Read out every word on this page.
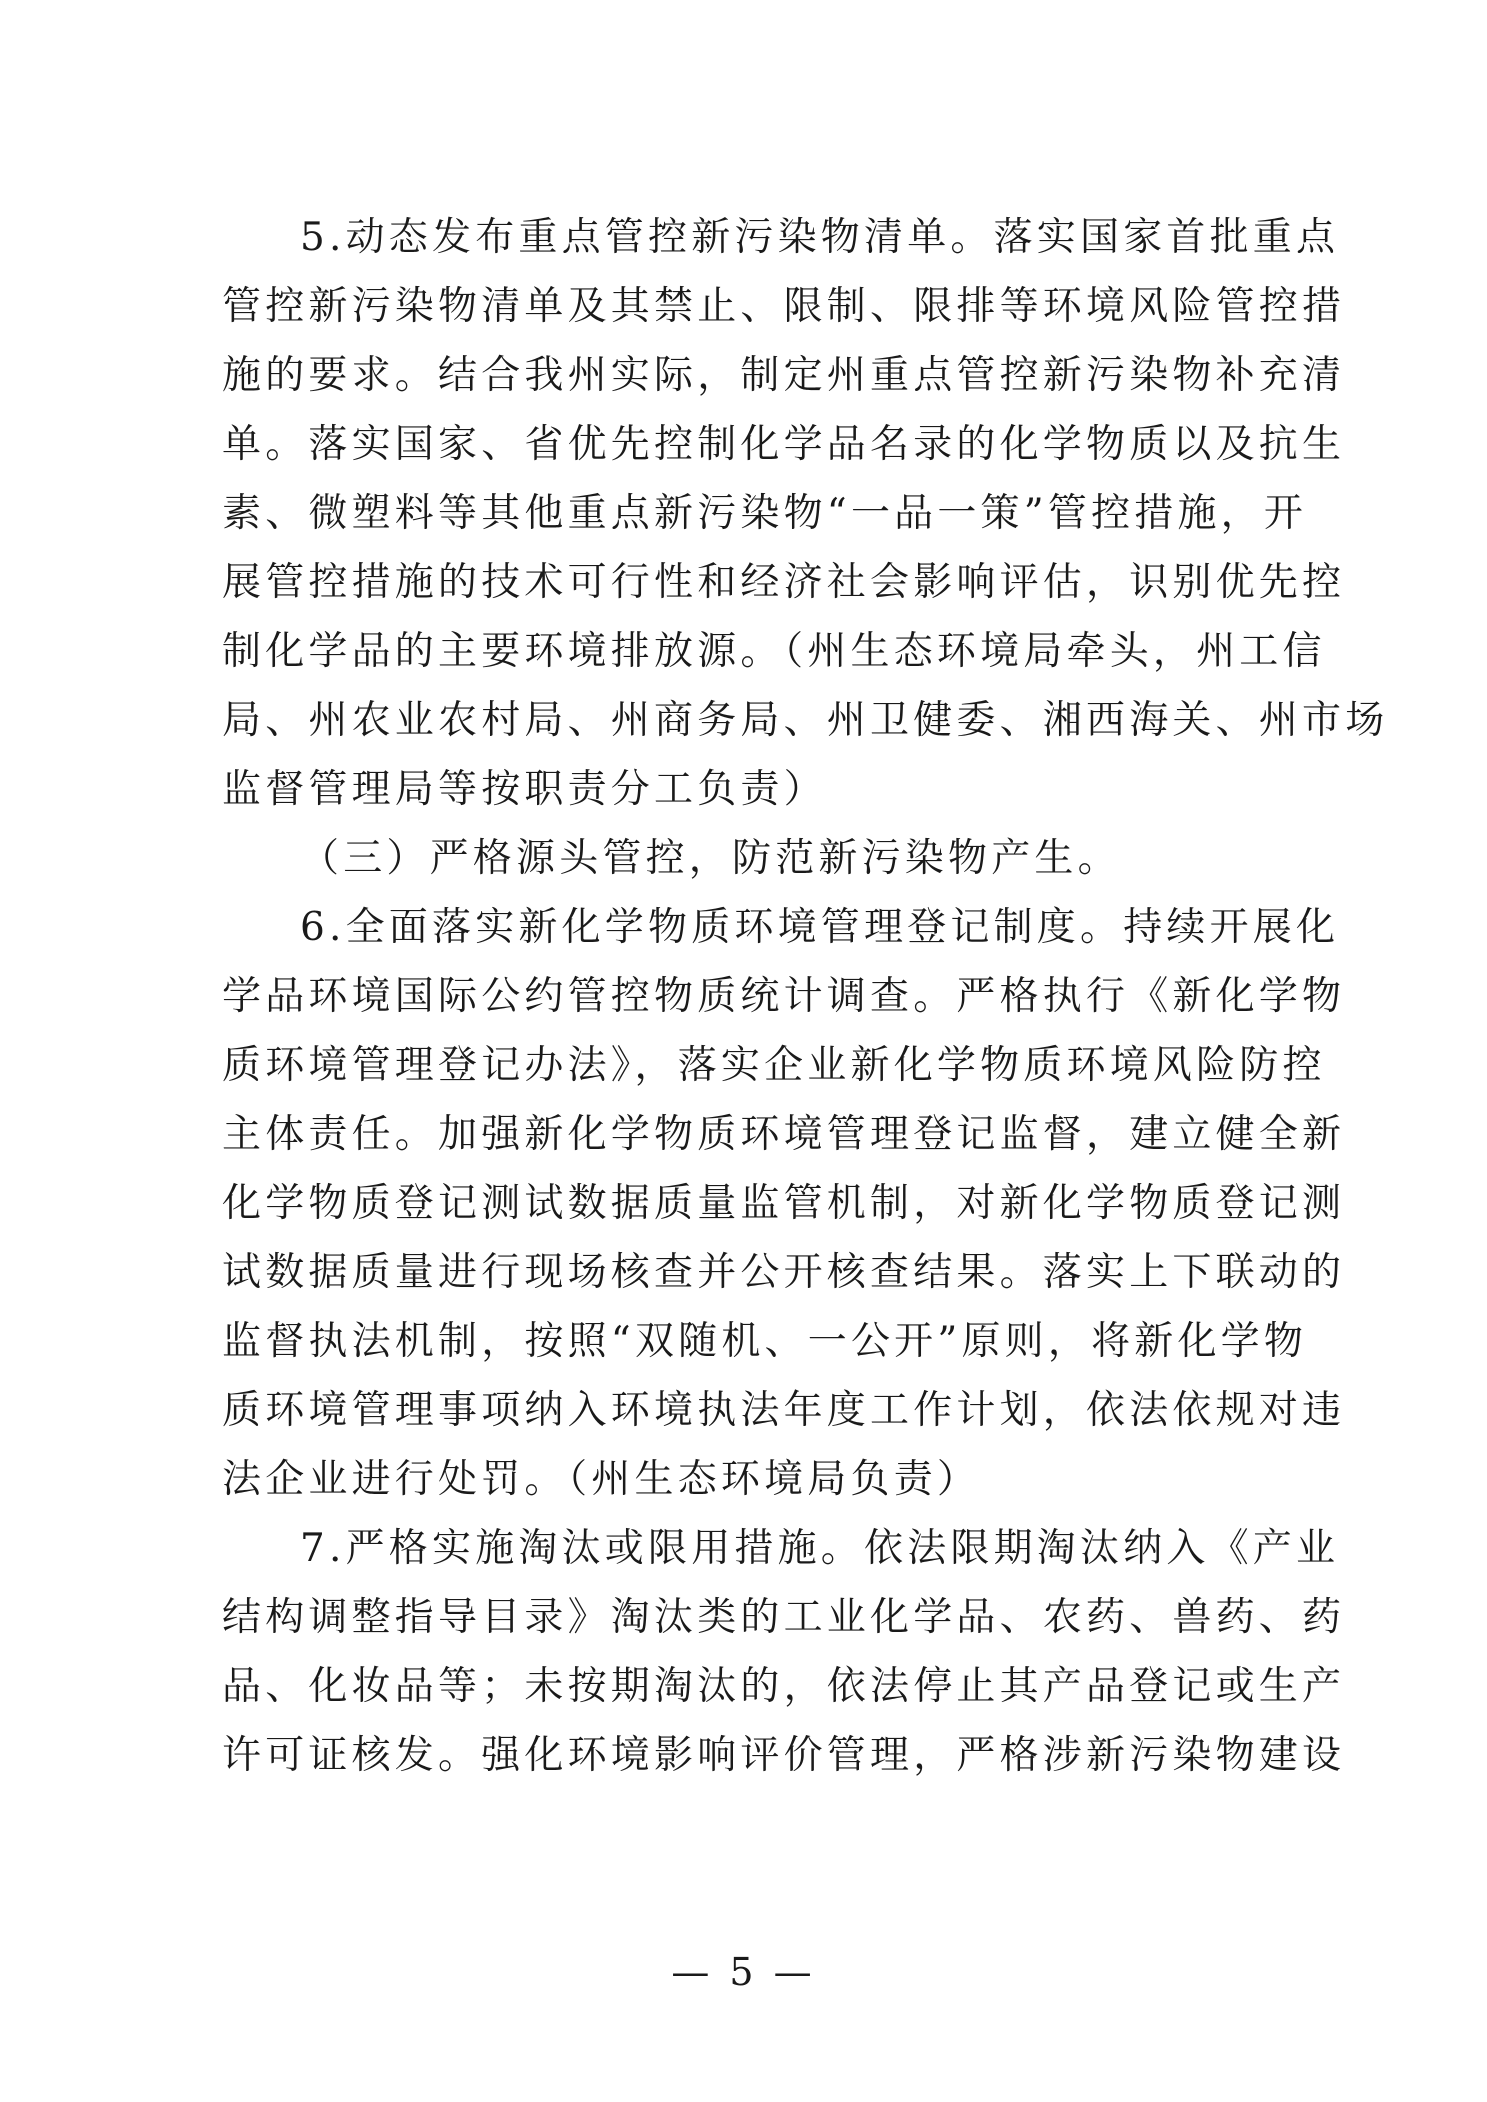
5.动态发布重点管控新污染物清单。落实国家首批重点
管控新污染物清单及其禁止、限制、限排等环境风险管控措
施的要求。结合我州实际，制定州重点管控新污染物补充清
单。落实国家、省优先控制化学品名录的化学物质以及抗生
素、微塑料等其他重点新污染物“一品一策”管控措施，开
展管控措施的技术可行性和经济社会影响评估，识别优先控
制化学品的主要环境排放源。（州生态环境局牵头，州工信
局、州农业农村局、州商务局、州卫健委、湘西海关、州市场
监督管理局等按职责分工负责）
（三）严格源头管控，防范新污染物产生。
6.全面落实新化学物质环境管理登记制度。持续开展化
学品环境国际公约管控物质统计调查。严格执行《新化学物
质环境管理登记办法》，落实企业新化学物质环境风险防控
主体责任。加强新化学物质环境管理登记监督，建立健全新
化学物质登记测试数据质量监管机制，对新化学物质登记测
试数据质量进行现场核查并公开核查结果。落实上下联动的
监督执法机制，按照“双随机、一公开”原则，将新化学物
质环境管理事项纳入环境执法年度工作计划，依法依规对违
法企业进行处罚。（州生态环境局负责）
7.严格实施淘汰或限用措施。依法限期淘汰纳入《产业
结构调整指导目录》淘汰类的工业化学品、农药、兽药、药
品、化妆品等；未按期淘汰的，依法停止其产品登记或生产
许可证核发。强化环境影响评价管理，严格涉新污染物建设
— 5 —
